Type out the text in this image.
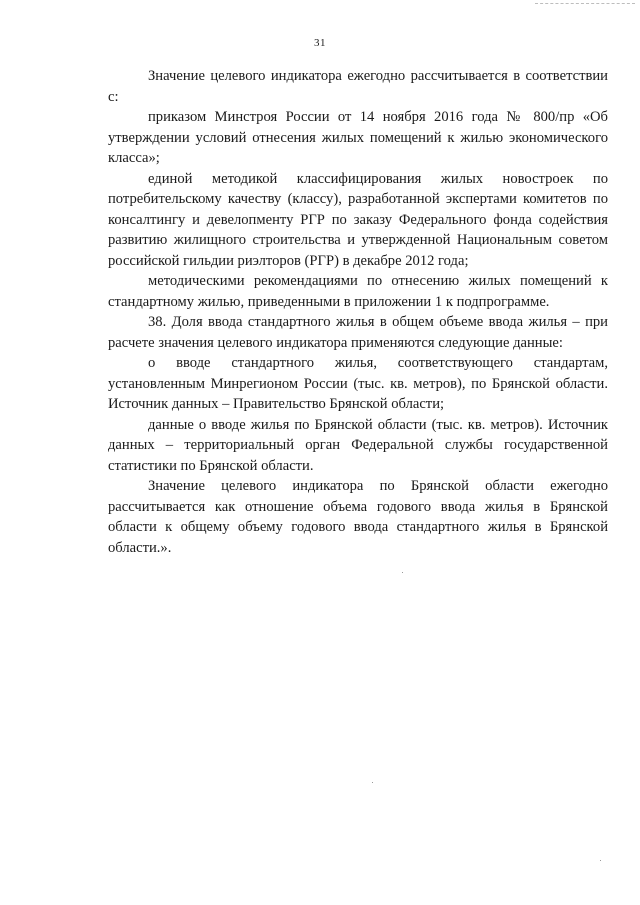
31

Значение целевого индикатора ежегодно рассчитывается в соответствии с:

приказом Минстроя России от 14 ноября 2016 года № 800/пр «Об утверждении условий отнесения жилых помещений к жилью экономического класса»;

единой методикой классифицирования жилых новостроек по потребительскому качеству (классу), разработанной экспертами комитетов по консалтингу и девелопменту РГР по заказу Федерального фонда содействия развитию жилищного строительства и утвержденной Национальным советом российской гильдии риэлторов (РГР) в декабре 2012 года;

методическими рекомендациями по отнесению жилых помещений к стандартному жилью, приведенными в приложении 1 к подпрограмме.

38. Доля ввода стандартного жилья в общем объеме ввода жилья – при расчете значения целевого индикатора применяются следующие данные:

о вводе стандартного жилья, соответствующего стандартам, установленным Минрегионом России (тыс. кв. метров), по Брянской области. Источник данных – Правительство Брянской области;

данные о вводе жилья по Брянской области (тыс. кв. метров). Источник данных – территориальный орган Федеральной службы государственной статистики по Брянской области.

Значение целевого индикатора по Брянской области ежегодно рассчитывается как отношение объема годового ввода жилья в Брянской области к общему объему годового ввода стандартного жилья в Брянской области.».
